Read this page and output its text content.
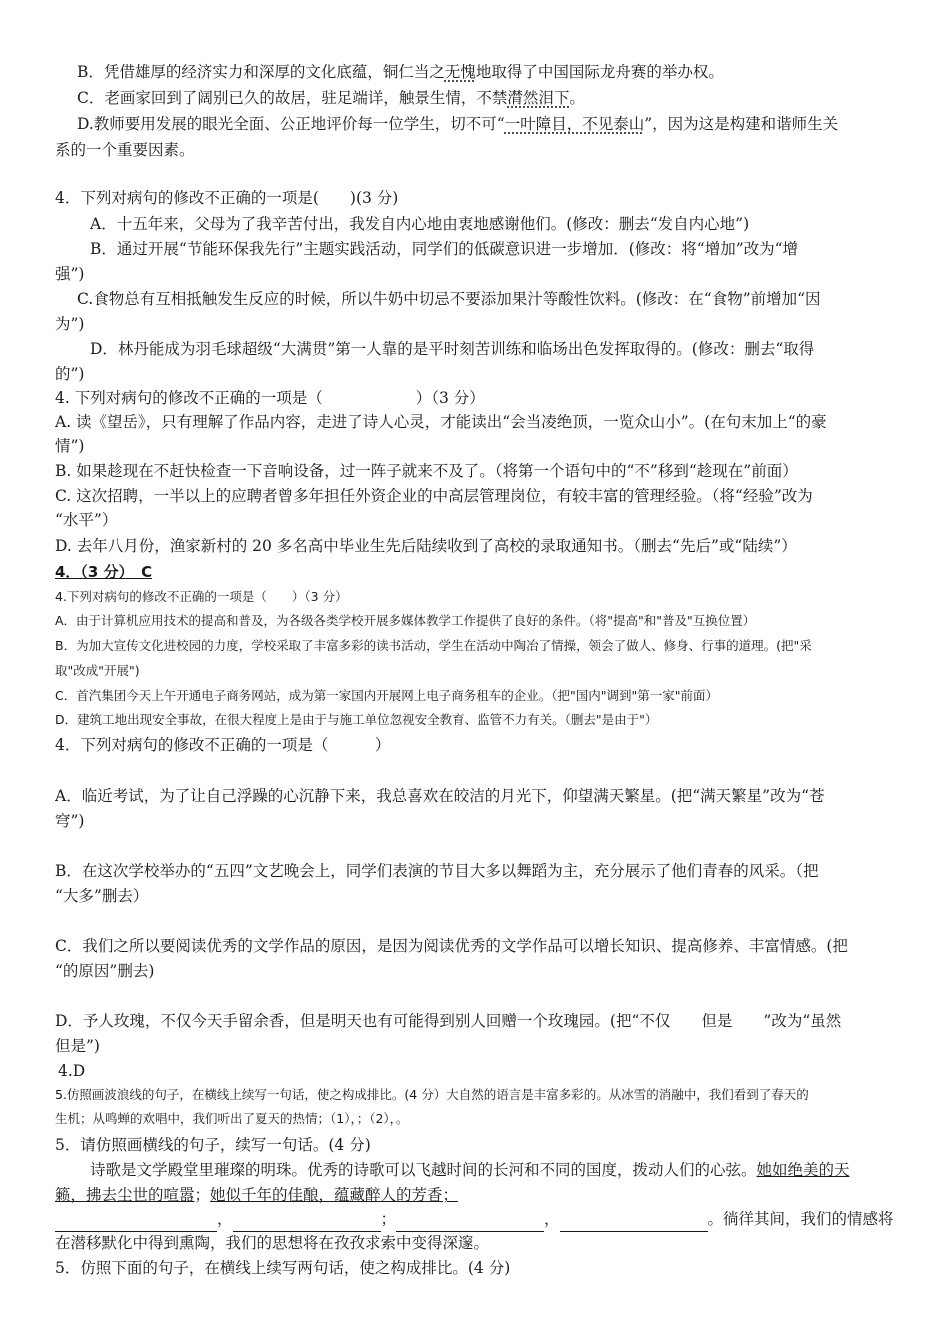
B．凭借雄厚的经济实力和深厚的文化底蕴，铜仁当之无愧地取得了中国国际龙舟赛的举办权。
C．老画家回到了阔别已久的故居，驻足端详，触景生情，不禁潸然泪下。
D.教师要用发展的眼光全面、公正地评价每一位学生，切不可“一叶障目，不见泰山”，因为这是构建和谐师生关
系的一个重要因素。
4．下列对病句的修改不正确的一项是(　　)(3 分)
A．十五年来，父母为了我辛苦付出，我发自内心地由衷地感谢他们。(修改：删去“发自内心地”)
B．通过开展“节能环保我先行”主题实践活动，同学们的低碳意识进一步增加．(修改：将“增加”改为“增
强”)
C.食物总有互相抵触发生反应的时候，所以牛奶中切忌不要添加果汁等酸性饮料。(修改：在“食物”前增加“因
为”)
D．林丹能成为羽毛球超级“大满贯”第一人靠的是平时刻苦训练和临场出色发挥取得的。(修改：删去“取得
的”)
4. 下列对病句的修改不正确的一项是（　　　　　　）（3 分）
A. 读《望岳》，只有理解了作品内容，走进了诗人心灵，才能读出“会当凌绝顶，一览众山小”。(在句末加上“的豪
情”)
B. 如果趁现在不赶快检查一下音响设备，过一阵子就来不及了。（将第一个语句中的“不”移到“趁现在”前面）
C. 这次招聘，一半以上的应聘者曾多年担任外资企业的中高层管理岗位，有较丰富的管理经验。（将“经验”改为
“水平”）
D. 去年八月份，渔家新村的 20 多名高中毕业生先后陆续收到了高校的录取通知书。（删去“先后”或“陆续”）
4．（3 分）　C
4.下列对病句的修改不正确的一项是（　　）（3 分）
A．由于计算机应用技术的提高和普及，为各级各类学校开展多媒体教学工作提供了良好的条件。（将"提高"和"普及"互换位置）
B．为加大宣传文化进校园的力度，学校采取了丰富多彩的读书活动，学生在活动中陶冶了情操，领会了做人、修身、行事的道理。(把"采
取"改成"开展")
C．首汽集团今天上午开通电子商务网站，成为第一家国内开展网上电子商务租车的企业。（把"国内"调到"第一家"前面）
D．建筑工地出现安全事故，在很大程度上是由于与施工单位忽视安全教育、监管不力有关。（删去"是由于"）
4．下列对病句的修改不正确的一项是（　　　）
A．临近考试，为了让自己浮躁的心沉静下来，我总喜欢在皎洁的月光下，仰望满天繁星。(把“满天繁星”改为“苍
穹”)
B．在这次学校举办的“五四”文艺晚会上，同学们表演的节目大多以舞蹈为主，充分展示了他们青春的风采。（把
“大多”删去）
C．我们之所以要阅读优秀的文学作品的原因，是因为阅读优秀的文学作品可以增长知识、提高修养、丰富情感。(把
“的原因”删去)
D．予人玫瑰，不仅今天手留余香，但是明天也有可能得到别人回赠一个玫瑰园。(把“不仅　　但是　　”改为“虽然
但是”)
4.D
5.仿照画波浪线的句子，在横线上续写一句话，使之构成排比。(4 分）大自然的语言是丰富多彩的。从冰雪的消融中，我们看到了春天的
生机；从鸣蝉的欢唱中，我们听出了夏天的热情；（1），；（2），。
5．请仿照画横线的句子，续写一句话。(4 分)
诗歌是文学殿堂里璀璨的明珠。优秀的诗歌可以飞越时间的长河和不同的国度，拨动人们的心弦。她如绝美的天
籁，拂去尘世的喧嚣；她似千年的佳酿，蕴藏醉人的芳香；
，	；	，	。徜徉其间，我们的情感将
在潜移默化中得到熏陶，我们的思想将在孜孜求索中变得深邃。
5．仿照下面的句子，在横线上续写两句话，使之构成排比。(4 分)
